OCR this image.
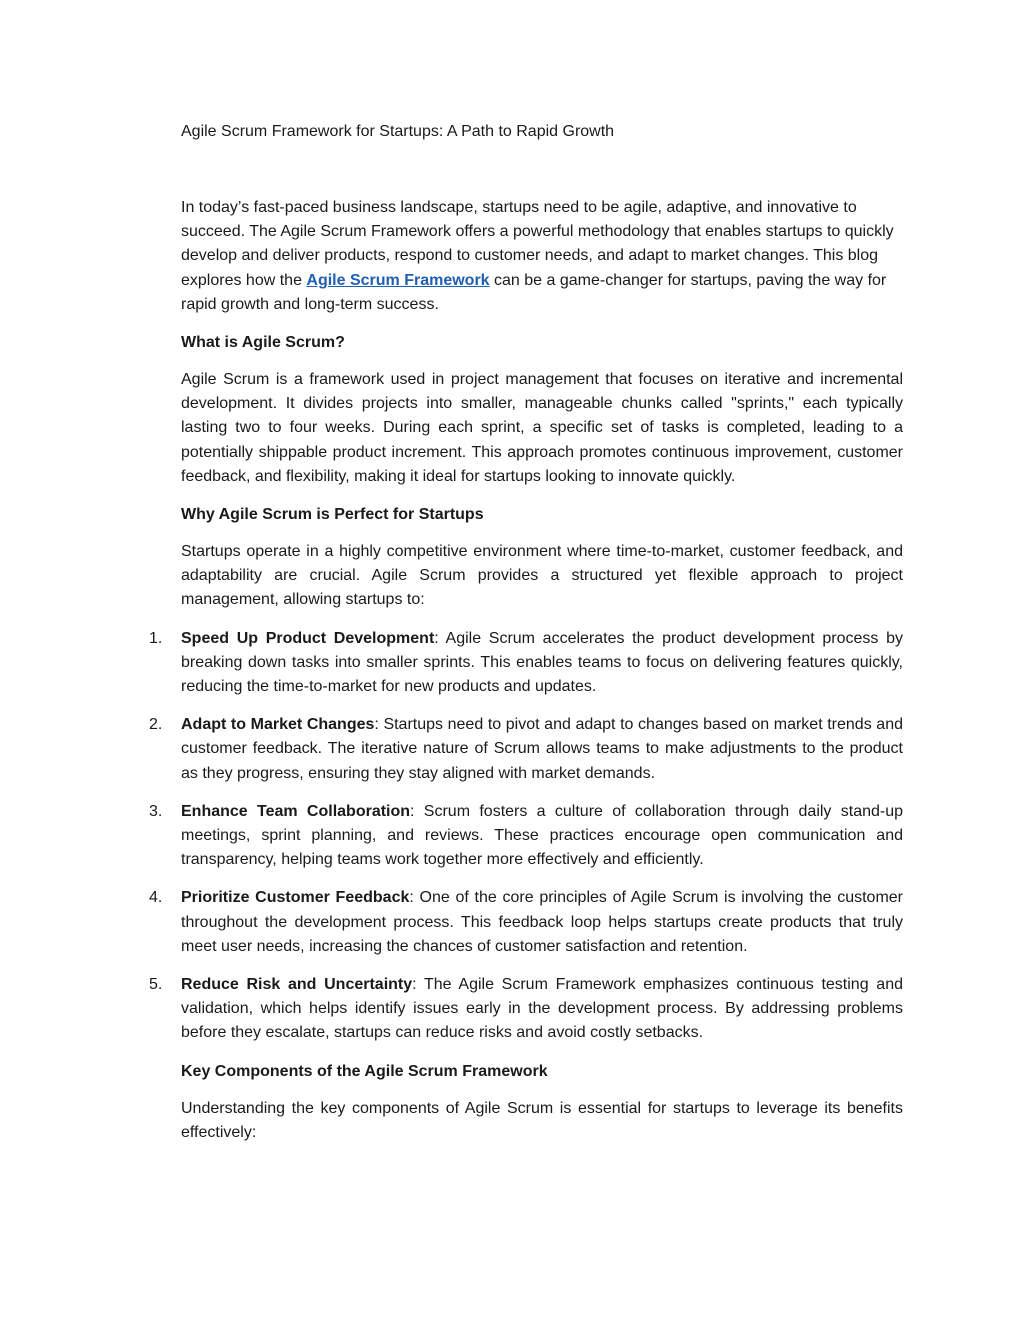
Agile Scrum Framework for Startups: A Path to Rapid Growth

In today’s fast-paced business landscape, startups need to be agile, adaptive, and innovative to succeed. The Agile Scrum Framework offers a powerful methodology that enables startups to quickly develop and deliver products, respond to customer needs, and adapt to market changes. This blog explores how the Agile Scrum Framework can be a game-changer for startups, paving the way for rapid growth and long-term success.

What is Agile Scrum?

Agile Scrum is a framework used in project management that focuses on iterative and incremental development. It divides projects into smaller, manageable chunks called "sprints," each typically lasting two to four weeks. During each sprint, a specific set of tasks is completed, leading to a potentially shippable product increment. This approach promotes continuous improvement, customer feedback, and flexibility, making it ideal for startups looking to innovate quickly.

Why Agile Scrum is Perfect for Startups

Startups operate in a highly competitive environment where time-to-market, customer feedback, and adaptability are crucial. Agile Scrum provides a structured yet flexible approach to project management, allowing startups to:

1. Speed Up Product Development: Agile Scrum accelerates the product development process by breaking down tasks into smaller sprints. This enables teams to focus on delivering features quickly, reducing the time-to-market for new products and updates.
2. Adapt to Market Changes: Startups need to pivot and adapt to changes based on market trends and customer feedback. The iterative nature of Scrum allows teams to make adjustments to the product as they progress, ensuring they stay aligned with market demands.
3. Enhance Team Collaboration: Scrum fosters a culture of collaboration through daily stand-up meetings, sprint planning, and reviews. These practices encourage open communication and transparency, helping teams work together more effectively and efficiently.
4. Prioritize Customer Feedback: One of the core principles of Agile Scrum is involving the customer throughout the development process. This feedback loop helps startups create products that truly meet user needs, increasing the chances of customer satisfaction and retention.
5. Reduce Risk and Uncertainty: The Agile Scrum Framework emphasizes continuous testing and validation, which helps identify issues early in the development process. By addressing problems before they escalate, startups can reduce risks and avoid costly setbacks.
Key Components of the Agile Scrum Framework

Understanding the key components of Agile Scrum is essential for startups to leverage its benefits effectively:
